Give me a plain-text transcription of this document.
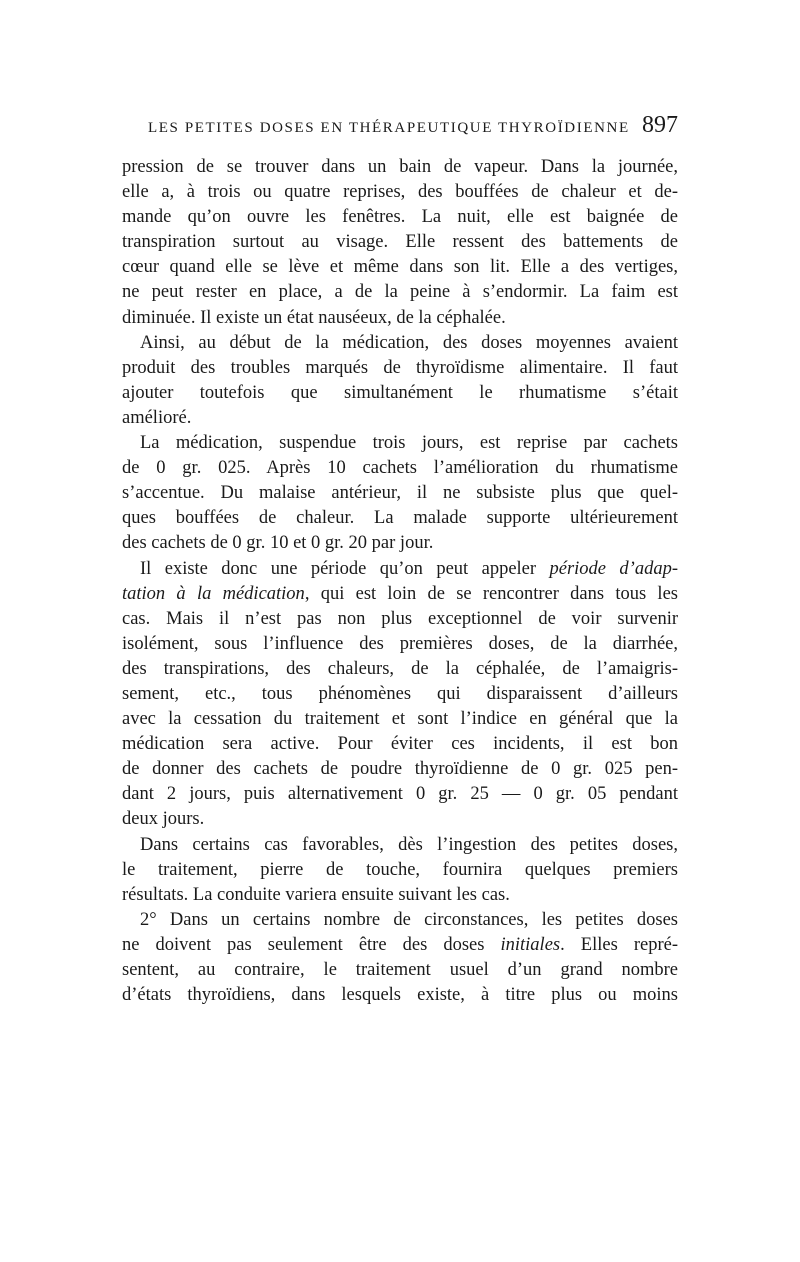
LES PETITES DOSES EN THÉRAPEUTIQUE THYROÏDIENNE 897
pression de se trouver dans un bain de vapeur. Dans la journée,
elle a, à trois ou quatre reprises, des bouffées de chaleur et de-
mande qu’on ouvre les fenêtres. La nuit, elle est baignée de
transpiration surtout au visage. Elle ressent des battements de
cœur quand elle se lève et même dans son lit. Elle a des vertiges,
ne peut rester en place, a de la peine à s’endormir. La faim est
diminuée. Il existe un état nauséeux, de la céphalée.
Ainsi, au début de la médication, des doses moyennes avaient
produit des troubles marqués de thyroïdisme alimentaire. Il faut
ajouter toutefois que simultanément le rhumatisme s’était
amélioré.
La médication, suspendue trois jours, est reprise par cachets
de 0 gr. 025. Après 10 cachets l’amélioration du rhumatisme
s’accentue. Du malaise antérieur, il ne subsiste plus que quel-
ques bouffées de chaleur. La malade supporte ultérieurement
des cachets de 0 gr. 10 et 0 gr. 20 par jour.
Il existe donc une période qu’on peut appeler période d’adap-
tation à la médication, qui est loin de se rencontrer dans tous les
cas. Mais il n’est pas non plus exceptionnel de voir survenir
isolément, sous l’influence des premières doses, de la diarrhée,
des transpirations, des chaleurs, de la céphalée, de l’amaigris-
sement, etc., tous phénomènes qui disparaissent d’ailleurs
avec la cessation du traitement et sont l’indice en général que la
médication sera active. Pour éviter ces incidents, il est bon
de donner des cachets de poudre thyroïdienne de 0 gr. 025 pen-
dant 2 jours, puis alternativement 0 gr. 25 — 0 gr. 05 pendant
deux jours.
Dans certains cas favorables, dès l’ingestion des petites doses,
le traitement, pierre de touche, fournira quelques premiers
résultats. La conduite variera ensuite suivant les cas.
2° Dans un certains nombre de circonstances, les petites doses
ne doivent pas seulement être des doses initiales. Elles repré-
sentent, au contraire, le traitement usuel d’un grand nombre
d’états thyroïdiens, dans lesquels existe, à titre plus ou moins
